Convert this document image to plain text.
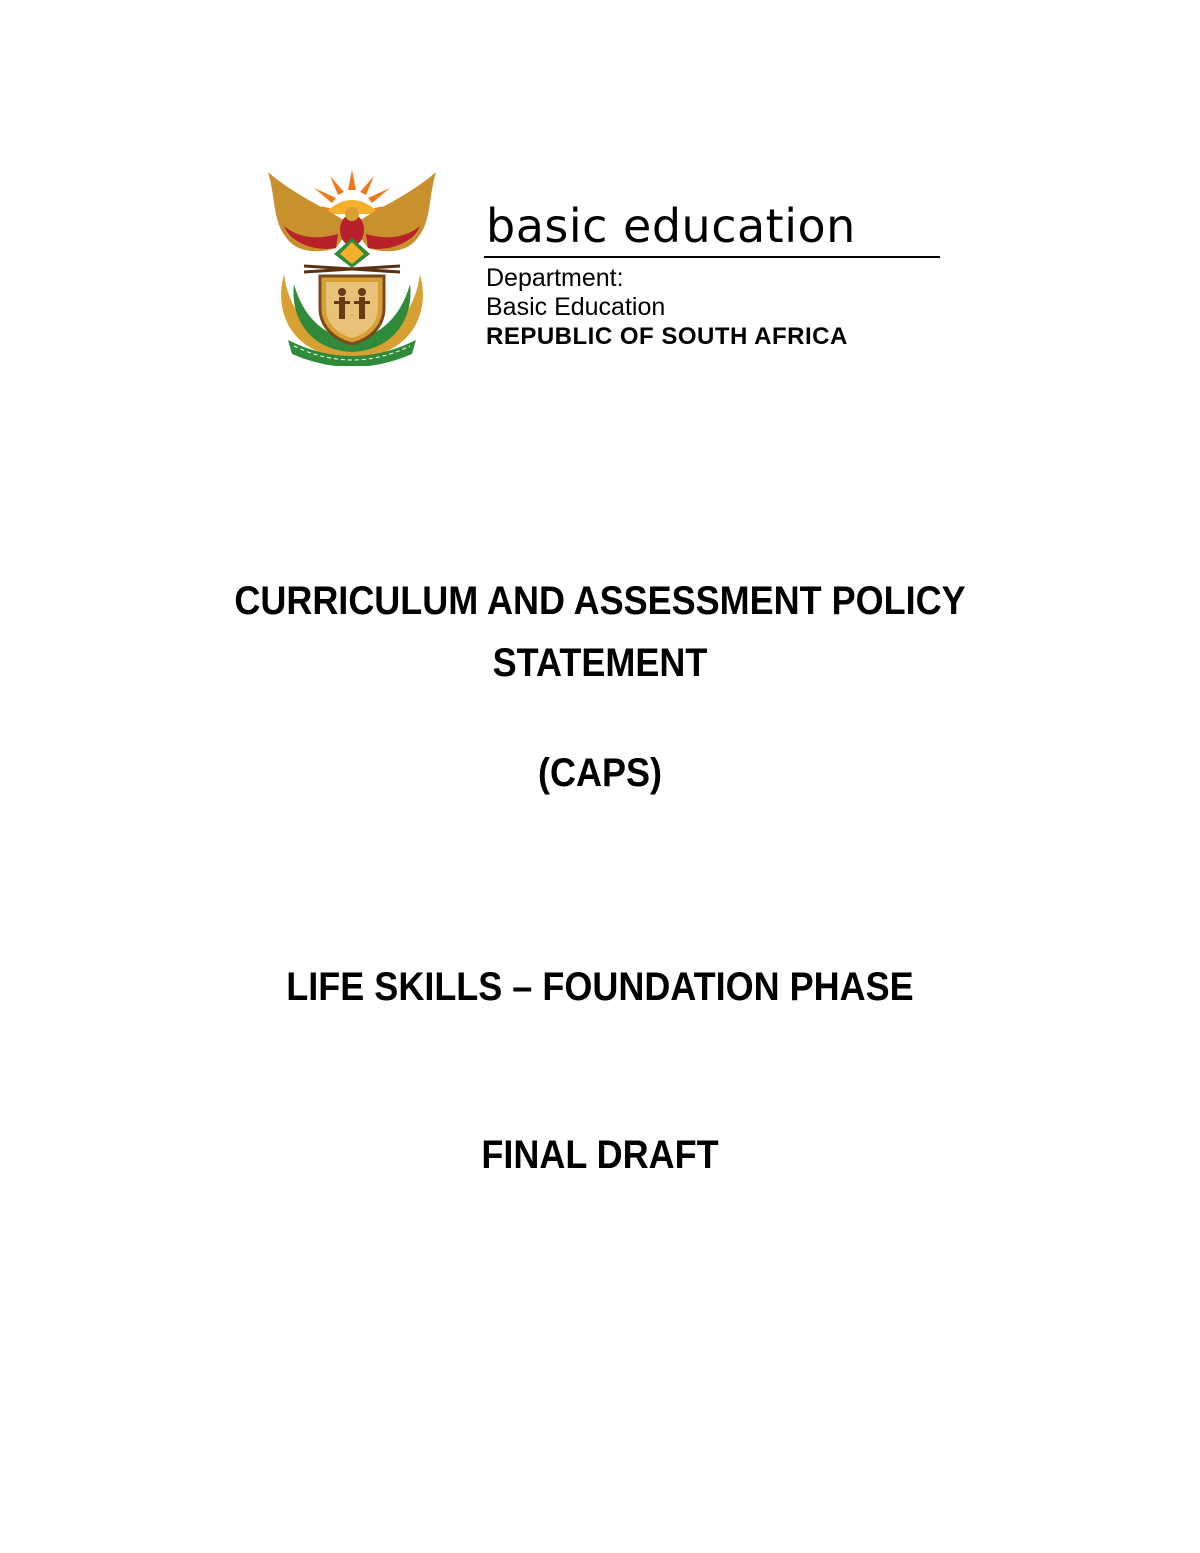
basic education

Department:

Basic Education

REPUBLIC OF SOUTH AFRICA

CURRICULUM AND ASSESSMENT POLICY
STATEMENT
(CAPS)
LIFE SKILLS – FOUNDATION PHASE
FINAL DRAFT
